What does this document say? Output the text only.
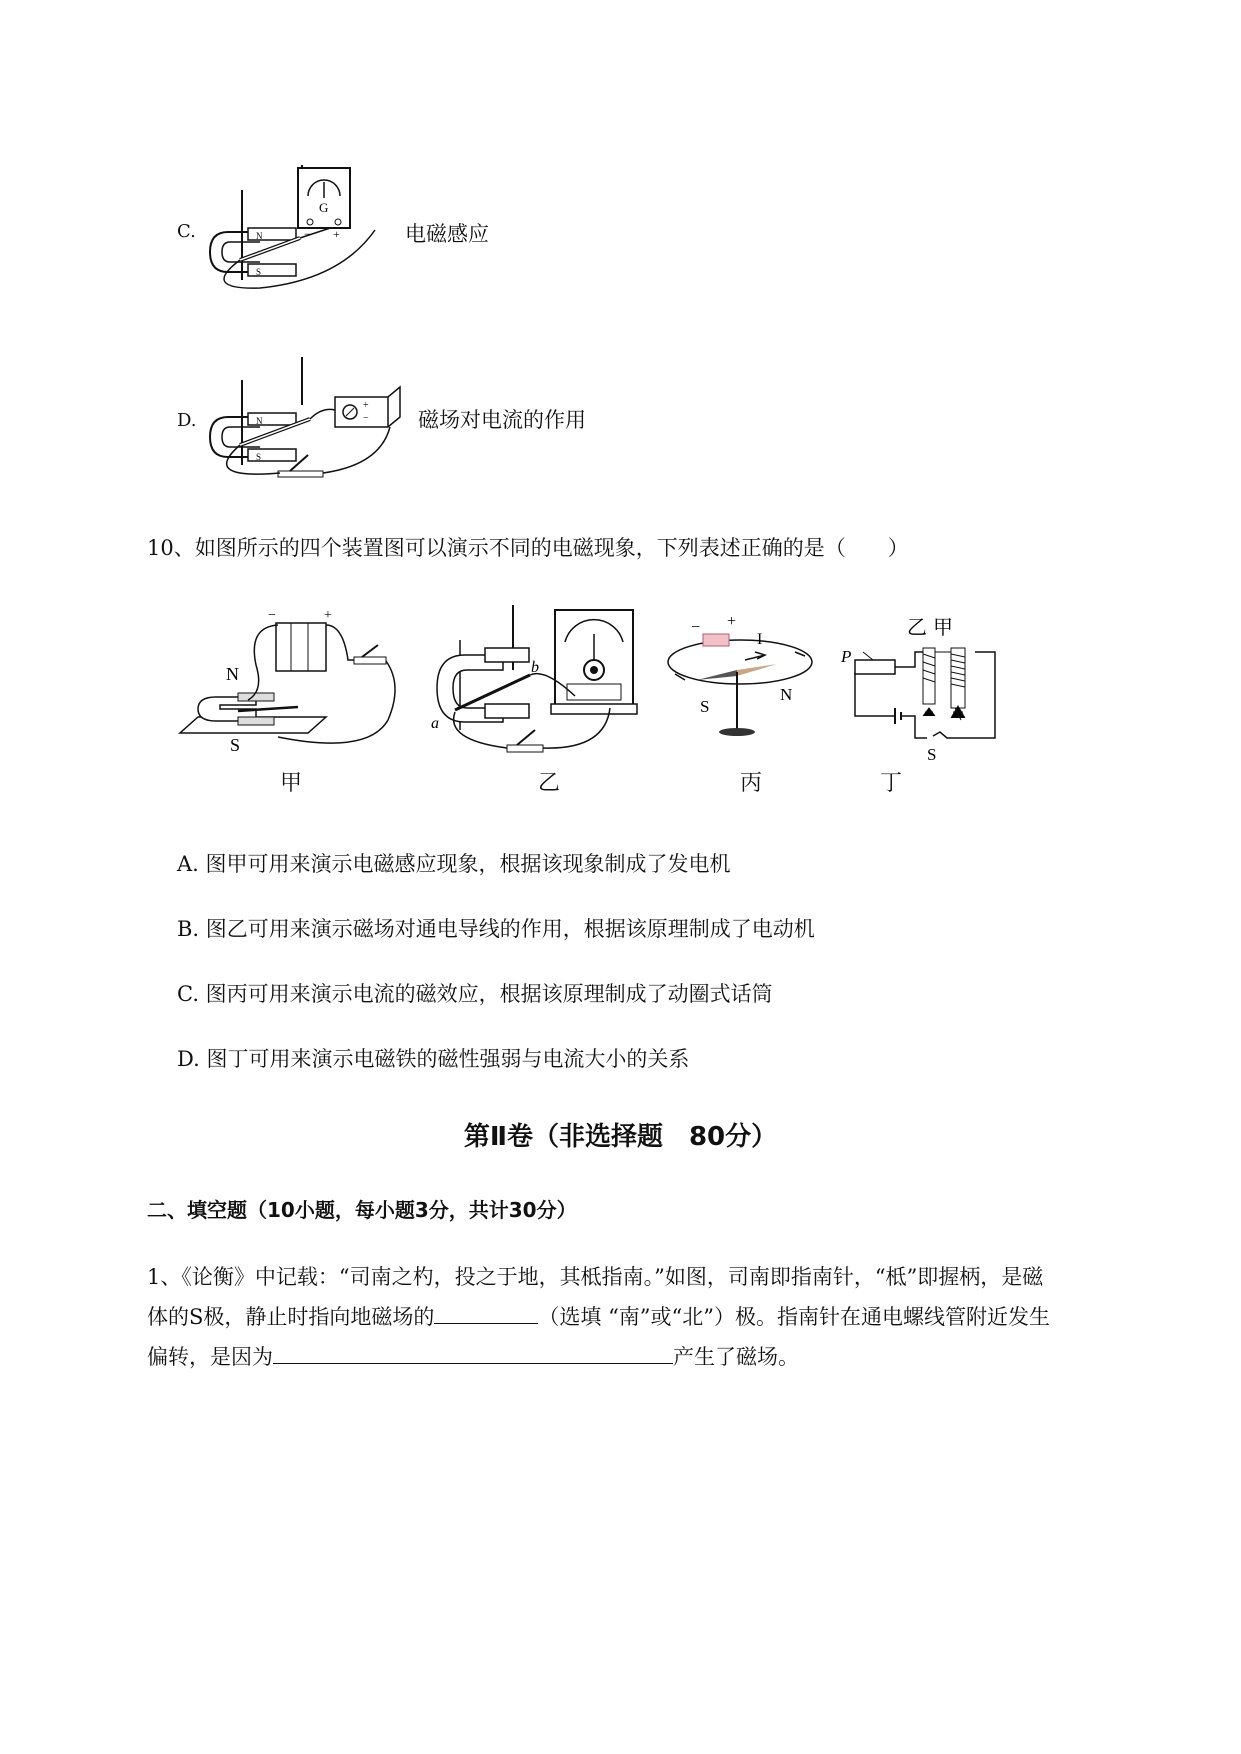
C.	N
S
G
− +	电磁感应
D.	N
S
+
− 磁场对电流的作用
10、如图所示的四个装置图可以演示不同的电磁现象，下列表述正确的是（　　）
N
S
−	+
a
b
− +
I
S
N
乙 甲
P
S
甲	乙	丙	丁
A. 图甲可用来演示电磁感应现象，根据该现象制成了发电机
B. 图乙可用来演示磁场对通电导线的作用，根据该原理制成了电动机
C. 图丙可用来演示电流的磁效应，根据该原理制成了动圈式话筒
D. 图丁可用来演示电磁铁的磁性强弱与电流大小的关系
第Ⅱ卷（非选择题　80分）
二、填空题（10小题，每小题3分，共计30分）
1、《论衡》中记载：“司南之杓，投之于地，其柢指南。”如图，司南即指南针，“柢”即握柄，是磁
体的S极，静止时指向地磁场的	（选填 “南”或“北”）极。指南针在通电螺线管附近发生
偏转，是因为	产生了磁场。
